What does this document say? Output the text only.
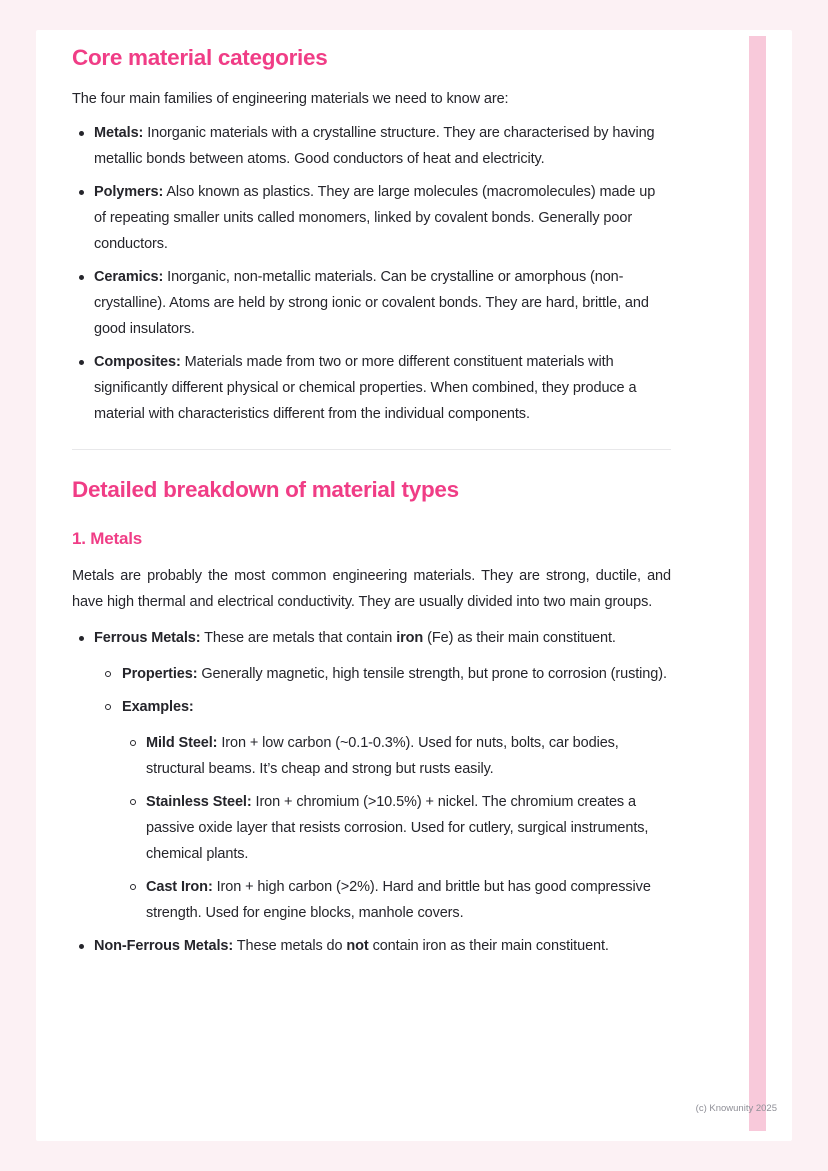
Core material categories

The four main families of engineering materials we need to know are:

Metals: Inorganic materials with a crystalline structure. They are characterised by having metallic bonds between atoms. Good conductors of heat and electricity.
Polymers: Also known as plastics. They are large molecules (macromolecules) made up of repeating smaller units called monomers, linked by covalent bonds. Generally poor conductors.
Ceramics: Inorganic, non-metallic materials. Can be crystalline or amorphous (non-crystalline). Atoms are held by strong ionic or covalent bonds. They are hard, brittle, and good insulators.
Composites: Materials made from two or more different constituent materials with significantly different physical or chemical properties. When combined, they produce a material with characteristics different from the individual components.
Detailed breakdown of material types
1. Metals

Metals are probably the most common engineering materials. They are strong, ductile, and have high thermal and electrical conductivity. They are usually divided into two main groups.

Ferrous Metals: These are metals that contain iron (Fe) as their main constituent.
Properties: Generally magnetic, high tensile strength, but prone to corrosion (rusting).
Examples:
Mild Steel: Iron + low carbon (~0.1-0.3%). Used for nuts, bolts, car bodies, structural beams. It’s cheap and strong but rusts easily.
Stainless Steel: Iron + chromium (>10.5%) + nickel. The chromium creates a passive oxide layer that resists corrosion. Used for cutlery, surgical instruments, chemical plants.
Cast Iron: Iron + high carbon (>2%). Hard and brittle but has good compressive strength. Used for engine blocks, manhole covers.
Non-Ferrous Metals: These metals do not contain iron as their main constituent.
(c) Knowunity 2025
